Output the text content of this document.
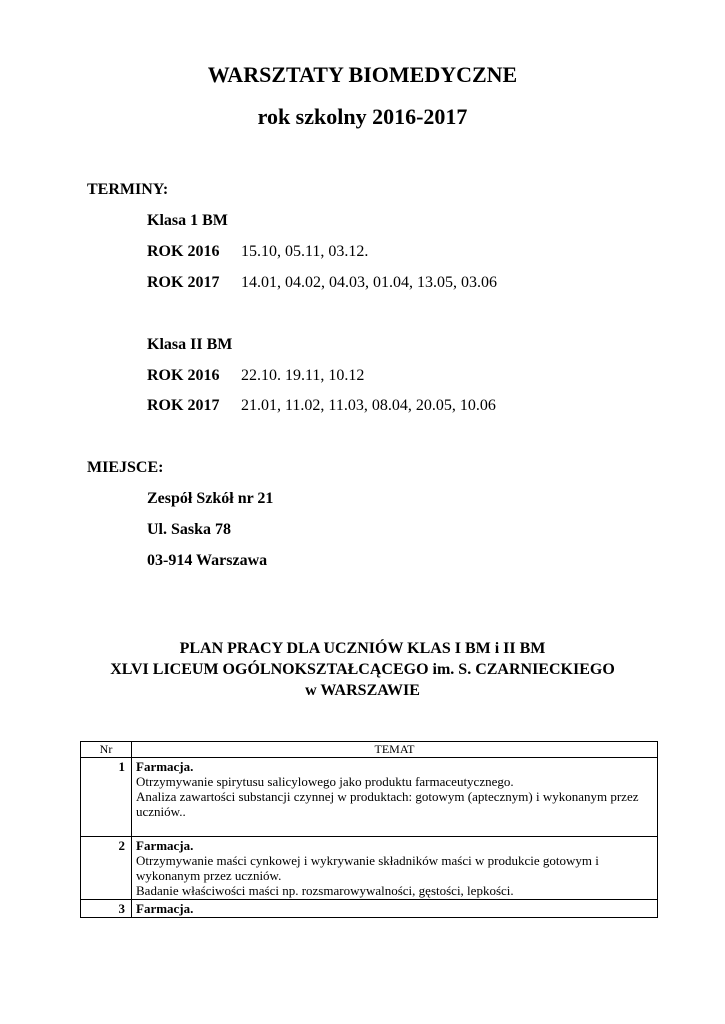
WARSZTATY BIOMEDYCZNE
rok szkolny 2016-2017

TERMINY:

Klasa 1 BM
ROK 2016 15.10, 05.11, 03.12.
ROK 2017 14.01, 04.02, 04.03, 01.04, 13.05, 03.06
Klasa II BM
ROK 2016 22.10. 19.11, 10.12
ROK 2017 21.01, 11.02, 11.03, 08.04, 20.05, 10.06

MIEJSCE:

Zespół Szkół nr 21
Ul. Saska 78
03-914 Warszawa
PLAN PRACY DLA UCZNIÓW KLAS I BM i II BM
XLVI LICEUM OGÓLNOKSZTAŁCĄCEGO im. S. CZARNIECKIEGO
w WARSZAWIE
Nr	TEMAT
1	Farmacja.
Otrzymywanie spirytusu salicylowego jako produktu farmaceutycznego.
Analiza zawartości substancji czynnej w produktach: gotowym (aptecznym) i wykonanym przez uczniów..

2	Farmacja.
Otrzymywanie maści cynkowej i wykrywanie składników maści w produkcie gotowym i wykonanym przez uczniów.
Badanie właściwości maści np. rozsmarowywalności, gęstości, lepkości.

3	Farmacja.
